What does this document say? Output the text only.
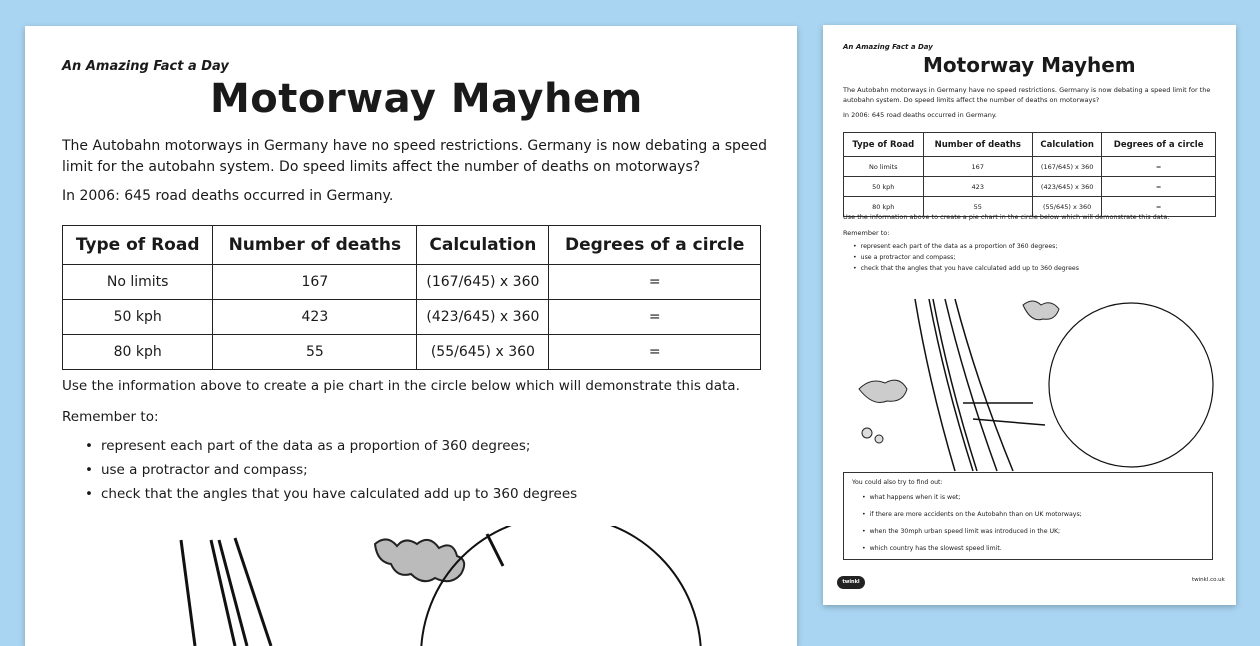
An Amazing Fact a Day
Motorway Mayhem
The Autobahn motorways in Germany have no speed restrictions. Germany is now debating a speed limit for the autobahn system. Do speed limits affect the number of deaths on motorways?
In 2006: 645 road deaths occurred in Germany.
Type of Road	Number of deaths	Calculation	Degrees of a circle
No limits	167	(167/645) x 360	=
50 kph	423	(423/645) x 360	=
80 kph	55	(55/645) x 360	=
Use the information above to create a pie chart in the circle below which will demonstrate this data.
Remember to:
• represent each part of the data as a proportion of 360 degrees;
• use a protractor and compass;
• check that the angles that you have calculated add up to 360 degrees
An Amazing Fact a Day
Motorway Mayhem
The Autobahn motorways in Germany have no speed restrictions. Germany is now debating a speed limit for the autobahn system. Do speed limits affect the number of deaths on motorways?
In 2006: 645 road deaths occurred in Germany.
Type of Road	Number of deaths	Calculation	Degrees of a circle
No limits	167	(167/645) x 360	=
50 kph	423	(423/645) x 360	=
80 kph	55	(55/645) x 360	=
Use the information above to create a pie chart in the circle below which will demonstrate this data.
Remember to:
• represent each part of the data as a proportion of 360 degrees;
• use a protractor and compass;
• check that the angles that you have calculated add up to 360 degrees
You could also try to find out:
• what happens when it is wet;
• if there are more accidents on the Autobahn than on UK motorways;
• when the 30mph urban speed limit was introduced in the UK;
• which country has the slowest speed limit.
twinkl	twinkl.co.uk
